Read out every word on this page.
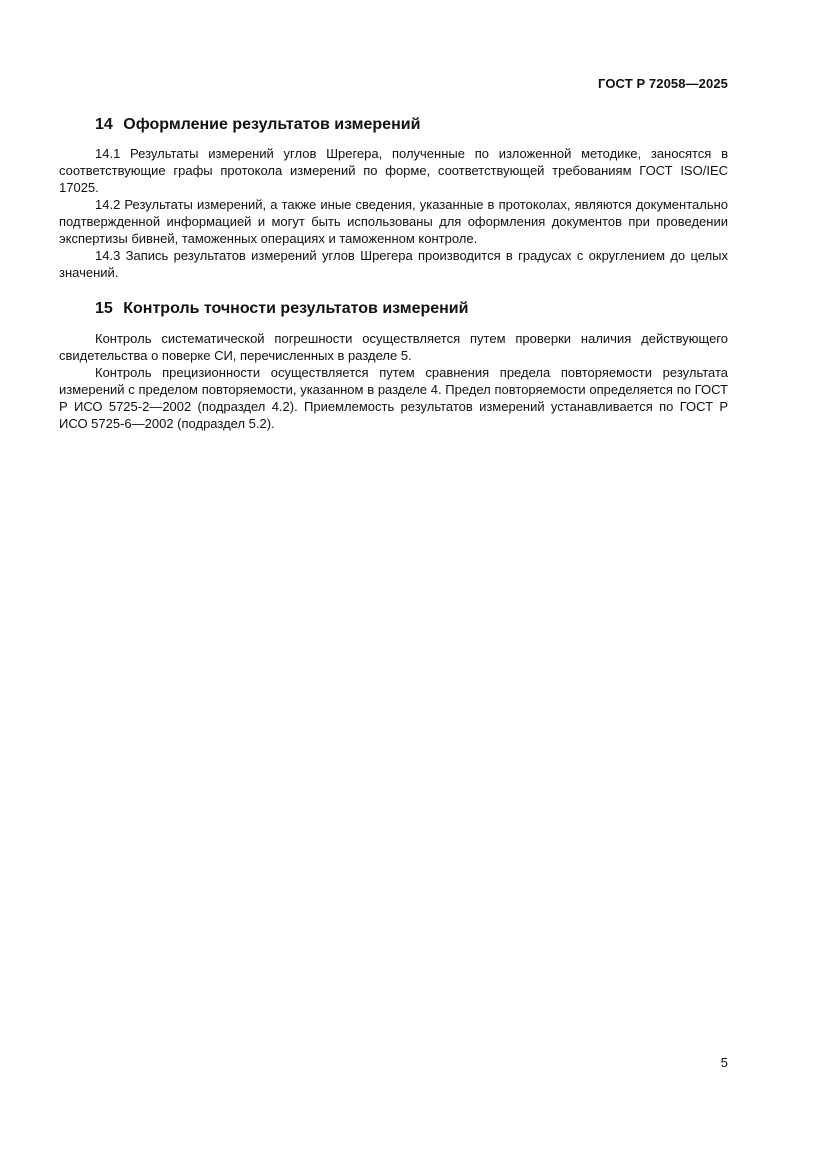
ГОСТ Р 72058—2025
14 Оформление результатов измерений

14.1 Результаты измерений углов Шрегера, полученные по изложенной методике, заносятся в соответствующие графы протокола измерений по форме, соответствующей требованиям ГОСТ ISO/IEC 17025.

14.2 Результаты измерений, а также иные сведения, указанные в протоколах, являются документально подтвержденной информацией и могут быть использованы для оформления документов при проведении экспертизы бивней, таможенных операциях и таможенном контроле.

14.3 Запись результатов измерений углов Шрегера производится в градусах с округлением до целых значений.

15 Контроль точности результатов измерений

Контроль систематической погрешности осуществляется путем проверки наличия действующего свидетельства о поверке СИ, перечисленных в разделе 5.

Контроль прецизионности осуществляется путем сравнения предела повторяемости результата измерений с пределом повторяемости, указанном в разделе 4. Предел повторяемости определяется по ГОСТ Р ИСО 5725-2—2002 (подраздел 4.2). Приемлемость результатов измерений устанавливается по ГОСТ Р ИСО 5725-6—2002 (подраздел 5.2).

5
